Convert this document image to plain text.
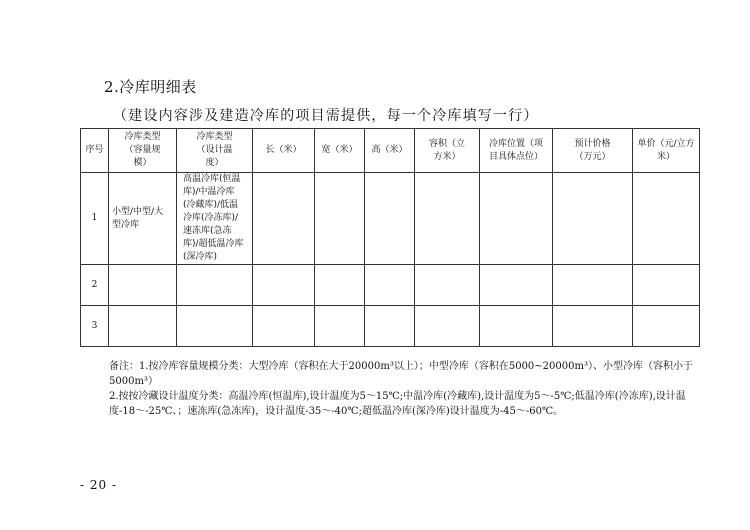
2.冷库明细表
（建设内容涉及建造冷库的项目需提供，每一个冷库填写一行）
序号	冷库类型（容量规模）	冷库类型（设计温度）	长（米）	宽（米）	高（米）	容积（立方米）	冷库位置（项目具体点位）	预计价格（万元）	单价（元/立方米）
1	小型/中型/大型冷库	高温冷库(恒温库)/中温冷库(冷藏库)/低温冷库(冷冻库)/速冻库(急冻库)/超低温冷库(深冷库)							
2									
3									

备注：1.按冷库容量规模分类：大型冷库（容积在大于20000m³以上）；中型冷库（容积在5000~20000m³）、小型冷库（容积小于5000m³）

2.按按冷藏设计温度分类：高温冷库(恒温库),设计温度为5～15℃;中温冷库(冷藏库),设计温度为5～-5℃;低温冷库(冷冻库),设计温度-18～-25℃、；速冻库(急冻库)，设计温度-35～-40℃;超低温冷库(深冷库)设计温度为-45～-60℃。

- 20 -
